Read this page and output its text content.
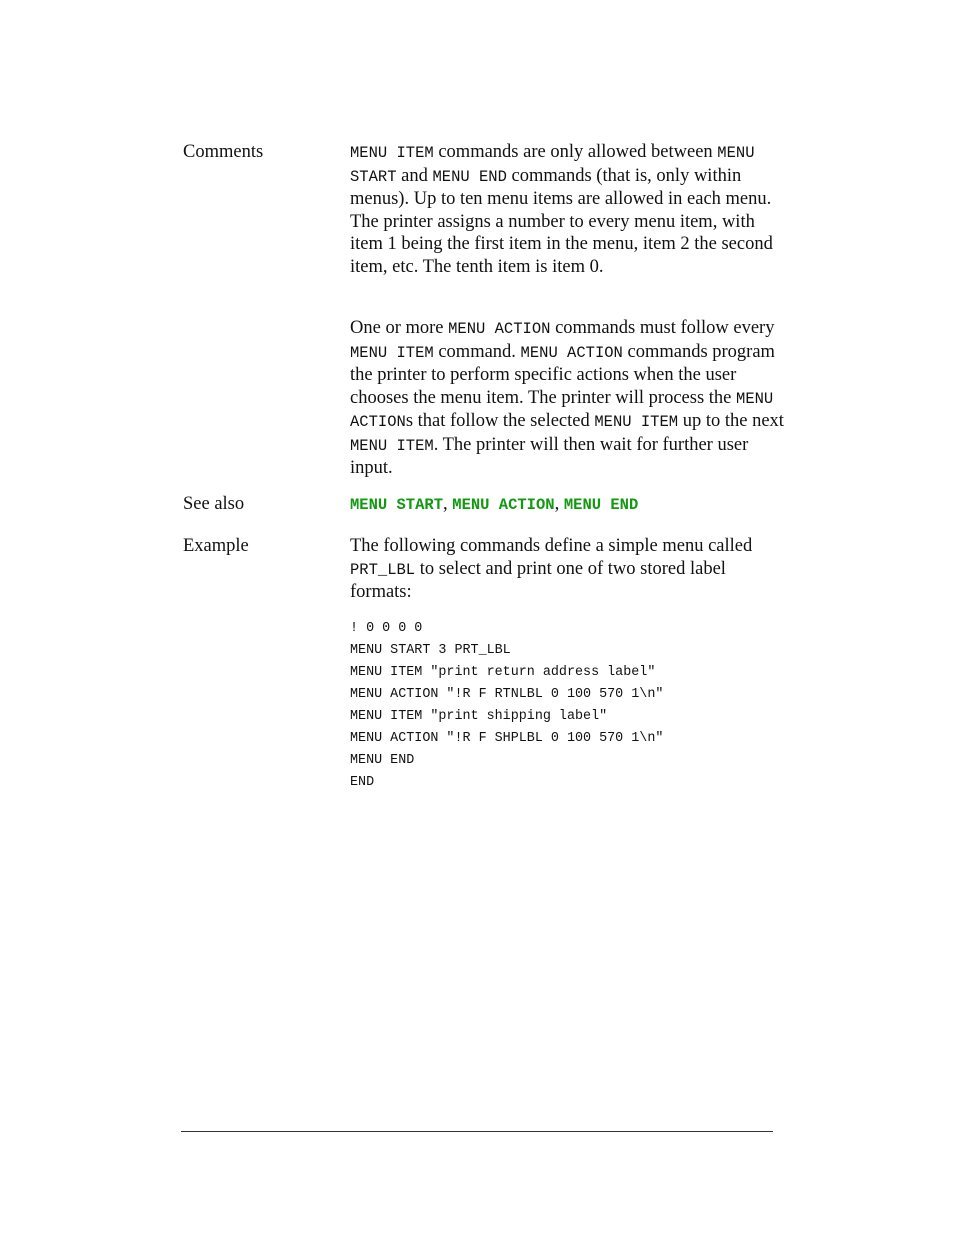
Comments	MENU ITEM commands are only allowed between MENU START and MENU END commands (that is, only within menus). Up to ten menu items are allowed in each menu. The printer assigns a number to every menu item, with item 1 being the first item in the menu, item 2 the second item, etc. The tenth item is item 0.

One or more MENU ACTION commands must follow every MENU ITEM command. MENU ACTION commands program the printer to perform specific actions when the user chooses the menu item. The printer will process the MENU ACTIONs that follow the selected MENU ITEM up to the next MENU ITEM. The printer will then wait for further user input.

See also	MENU START, MENU ACTION, MENU END

Example	The following commands define a simple menu called PRT_LBL to select and print one of two stored label formats:

! 0 0 0 0
MENU START 3 PRT_LBL
MENU ITEM "print return address label"
MENU ACTION "!R F RTNLBL 0 100 570 1\n"
MENU ITEM "print shipping label"
MENU ACTION "!R F SHPLBL 0 100 570 1\n"
MENU END
END
